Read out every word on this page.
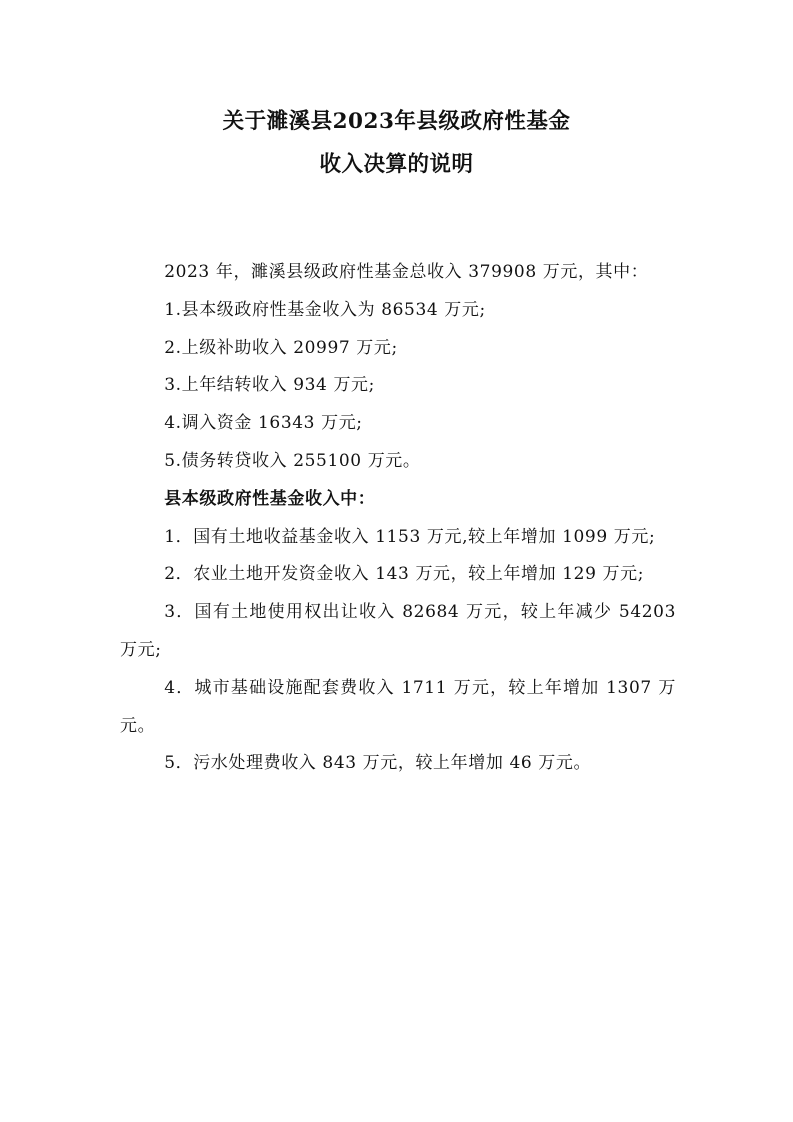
关于濉溪县2023年县级政府性基金
收入决算的说明

2023 年，濉溪县级政府性基金总收入 379908 万元，其中：

1.县本级政府性基金收入为 86534 万元;

2.上级补助收入 20997 万元;

3.上年结转收入 934 万元;

4.调入资金 16343 万元;

5.债务转贷收入 255100 万元。

县本级政府性基金收入中：

1．国有土地收益基金收入 1153 万元,较上年增加 1099 万元;

2．农业土地开发资金收入 143 万元，较上年增加 129 万元;

3．国有土地使用权出让收入 82684 万元，较上年减少 54203 万元;

4．城市基础设施配套费收入 1711 万元，较上年增加 1307 万元。

5．污水处理费收入 843 万元，较上年增加 46 万元。
